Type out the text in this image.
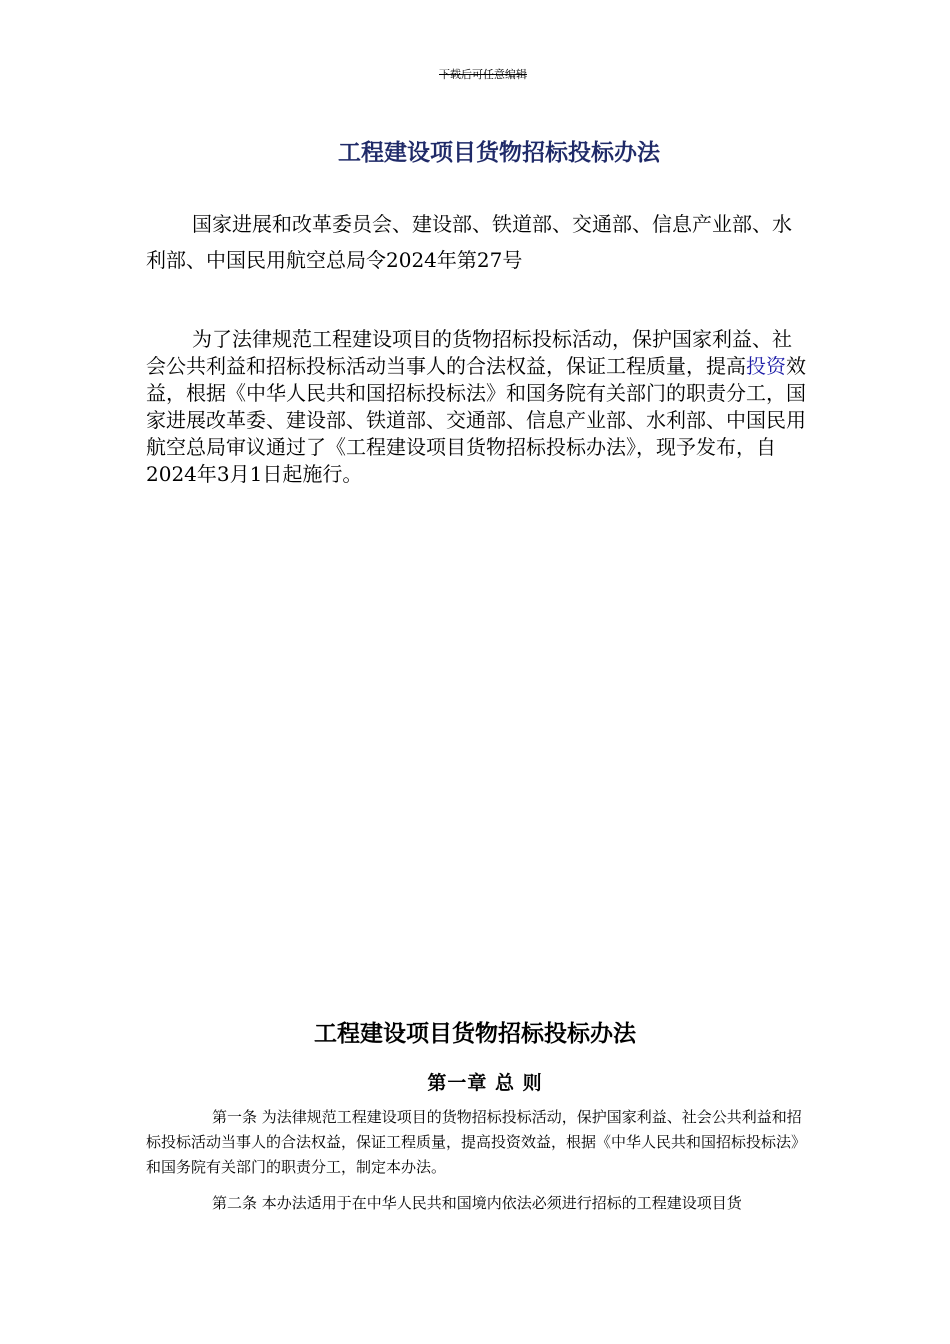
下载后可任意编辑
工程建设项目货物招标投标办法
国家进展和改革委员会、建设部、铁道部、交通部、信息产业部、水利部、中国民用航空总局令2024年第27号
为了法律规范工程建设项目的货物招标投标活动，保护国家利益、社会公共利益和招标投标活动当事人的合法权益，保证工程质量，提高投资效益，根据《中华人民共和国招标投标法》和国务院有关部门的职责分工，国家进展改革委、建设部、铁道部、交通部、信息产业部、水利部、中国民用航空总局审议通过了《工程建设项目货物招标投标办法》，现予发布，自2024年3月1日起施行。
工程建设项目货物招标投标办法
第一章 总 则
第一条 为法律规范工程建设项目的货物招标投标活动，保护国家利益、社会公共利益和招标投标活动当事人的合法权益，保证工程质量，提高投资效益，根据《中华人民共和国招标投标法》和国务院有关部门的职责分工，制定本办法。
第二条 本办法适用于在中华人民共和国境内依法必须进行招标的工程建设项目货
